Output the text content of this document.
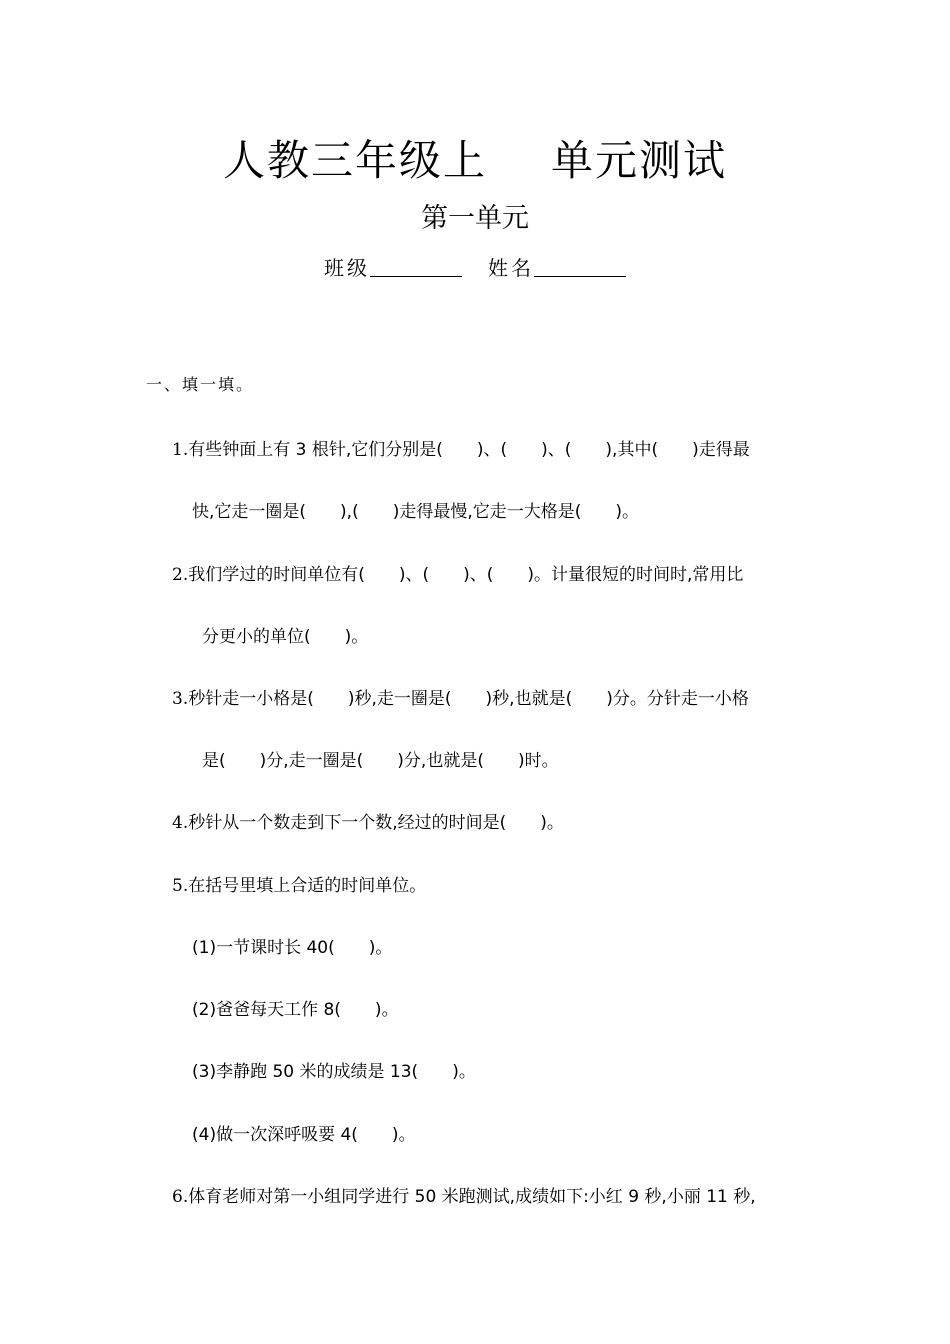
人教三年级上 单元测试
第一单元
班级	姓名
一、填一填。
1.有些钟面上有 3 根针,它们分别是(　　)、(　　)、(　　),其中(　　)走得最
快,它走一圈是(　　),(　　)走得最慢,它走一大格是(　　)。
2.我们学过的时间单位有(　　)、(　　)、(　　)。计量很短的时间时,常用比
分更小的单位(　　)。
3.秒针走一小格是(　　)秒,走一圈是(　　)秒,也就是(　　)分。分针走一小格
是(　　)分,走一圈是(　　)分,也就是(　　)时。
4.秒针从一个数走到下一个数,经过的时间是(　　)。
5.在括号里填上合适的时间单位。
(1)一节课时长 40(　　)。
(2)爸爸每天工作 8(　　)。
(3)李静跑 50 米的成绩是 13(　　)。
(4)做一次深呼吸要 4(　　)。
6.体育老师对第一小组同学进行 50 米跑测试,成绩如下:小红 9 秒,小丽 11 秒,
